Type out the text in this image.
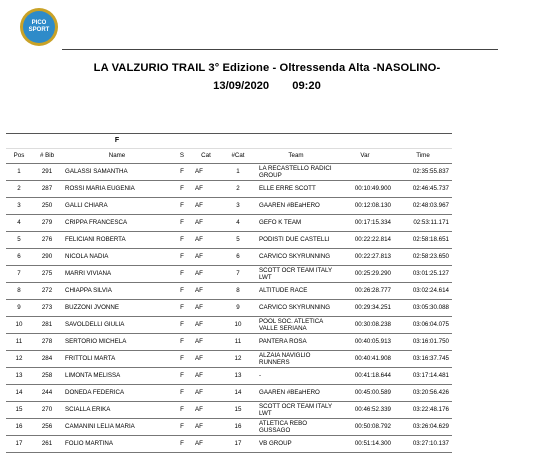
PICO
SPORT
LA VALZURIO TRAIL 3° Edizione - Oltressenda Alta -NASOLINO-
13/09/2020 09:20
		F						
Pos	# Bib	Name	S	Cat	#Cat	Team	Var	Time
1	291	GALASSI SAMANTHA	F	AF	1	LA RECASTELLO RADICI GROUP		02:35:55.837
2	287	ROSSI MARIA EUGENIA	F	AF	2	ELLE ERRE SCOTT	00:10:49.900	02:46:45.737
3	250	GALLI CHIARA	F	AF	3	GAAREN #BEaHERO	00:12:08.130	02:48:03.967
4	279	CRIPPA FRANCESCA	F	AF	4	GEFO K TEAM	00:17:15.334	02:53:11.171
5	276	FELICIANI ROBERTA	F	AF	5	PODISTI DUE CASTELLI	00:22:22.814	02:58:18.651
6	290	NICOLA NADIA	F	AF	6	CARVICO SKYRUNNING	00:22:27.813	02:58:23.650
7	275	MARRI VIVIANA	F	AF	7	SCOTT OCR TEAM ITALY LWT	00:25:29.290	03:01:25.127
8	272	CHIAPPA SILVIA	F	AF	8	ALTITUDE RACE	00:26:28.777	03:02:24.614
9	273	BUZZONI JVONNE	F	AF	9	CARVICO SKYRUNNING	00:29:34.251	03:05:30.088
10	281	SAVOLDELLI GIULIA	F	AF	10	POOL SOC. ATLETICA VALLE SERIANA	00:30:08.238	03:06:04.075
11	278	SERTORIO MICHELA	F	AF	11	PANTERA ROSA	00:40:05.913	03:16:01.750
12	284	FRITTOLI MARTA	F	AF	12	ALZAIA NAVIGLIO RUNNERS	00:40:41.908	03:16:37.745
13	258	LIMONTA MELISSA	F	AF	13	-	00:41:18.644	03:17:14.481
14	244	DONEDA FEDERICA	F	AF	14	GAAREN #BEaHERO	00:45:00.589	03:20:56.426
15	270	SCIALLA ERIKA	F	AF	15	SCOTT OCR TEAM ITALY LWT	00:46:52.339	03:22:48.176
16	256	CAMANINI LELIA MARIA	F	AF	16	ATLETICA REBO GUSSAGO	00:50:08.792	03:26:04.629
17	261	FOLIO MARTINA	F	AF	17	VB GROUP	00:51:14.300	03:27:10.137
